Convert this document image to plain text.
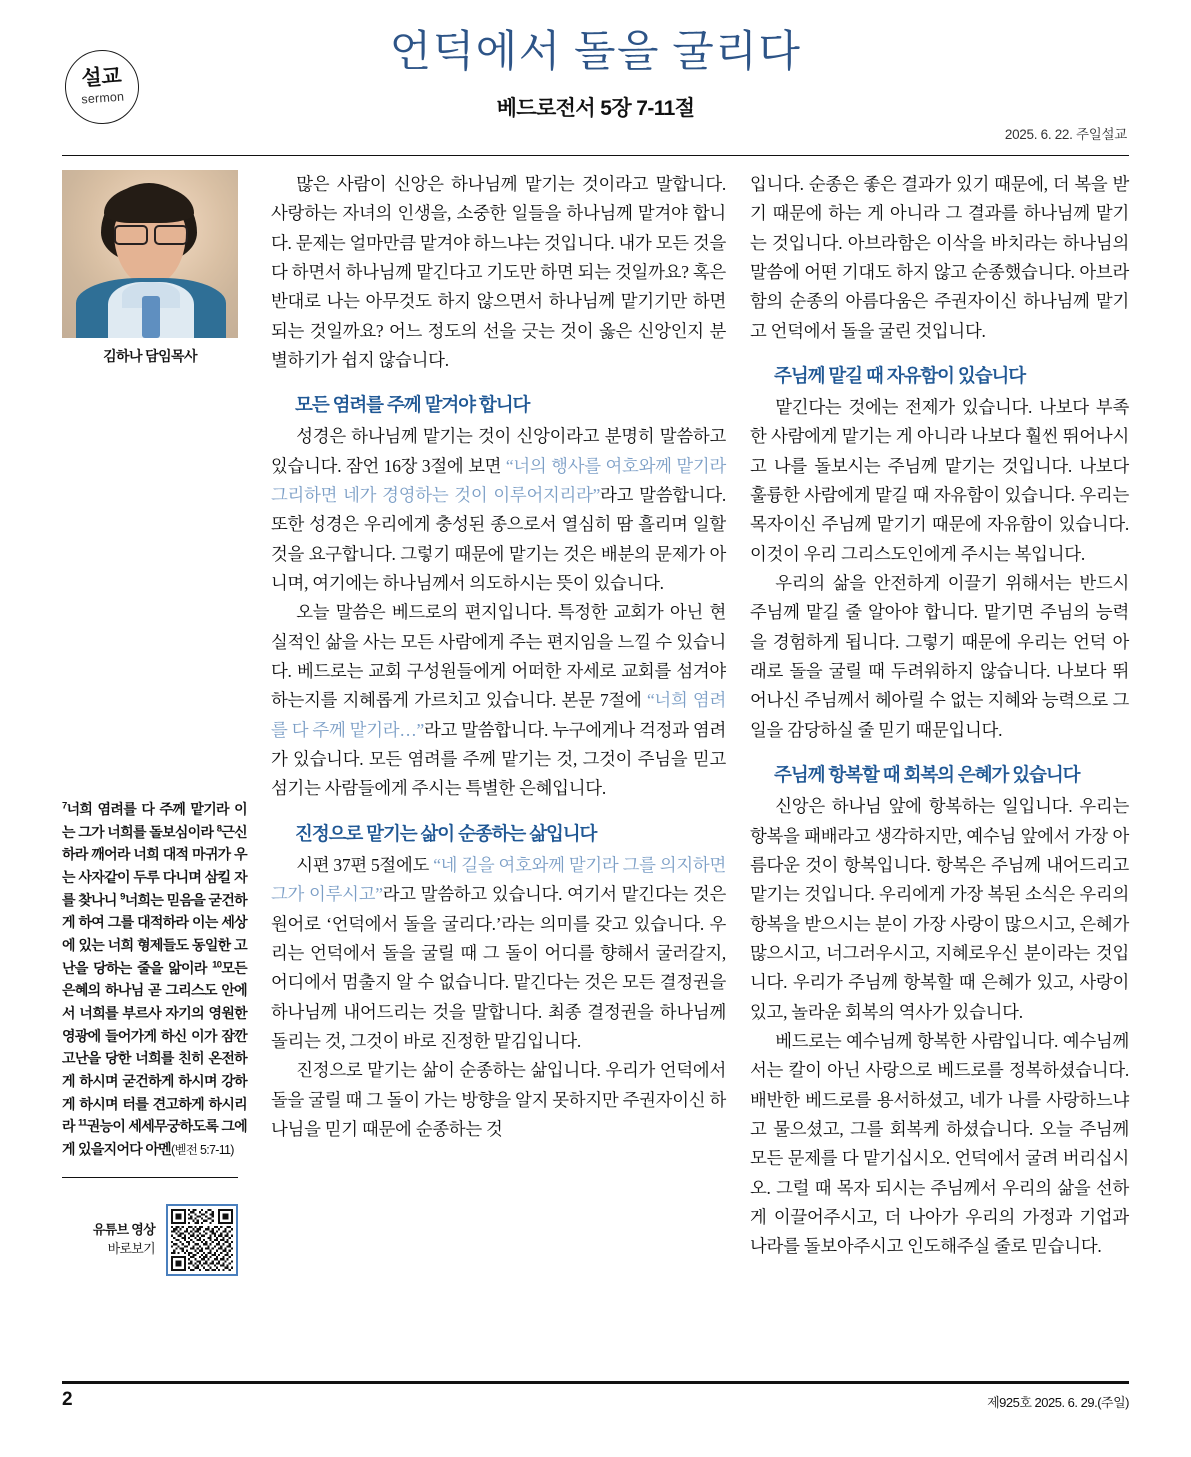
설교
sermon
언덕에서 돌을 굴리다
베드로전서 5장 7-11절
2025. 6. 22. 주일설교
김하나 담임목사
$^7$너희 염려를 다 주께 맡기라 이는 그가 너희를 돌보심이라 $^8$근신하라 깨어라 너희 대적 마귀가 우는 사자같이 두루 다니며 삼킬 자를 찾나니 $^9$너희는 믿음을 굳건하게 하여 그를 대적하라 이는 세상에 있는 너희 형제들도 동일한 고난을 당하는 줄을 앎이라 $^{10}$모든 은혜의 하나님 곧 그리스도 안에서 너희를 부르사 자기의 영원한 영광에 들어가게 하신 이가 잠깐 고난을 당한 너희를 친히 온전하게 하시며 굳건하게 하시며 강하게 하시며 터를 견고하게 하시리라 $^{11}$권능이 세세무궁하도록 그에게 있을지어다 아멘(벧전 5:7-11)
유튜브 영상
바로보기

많은 사람이 신앙은 하나님께 맡기는 것이라고 말합니다. 사랑하는 자녀의 인생을, 소중한 일들을 하나님께 맡겨야 합니다. 문제는 얼마만큼 맡겨야 하느냐는 것입니다. 내가 모든 것을 다 하면서 하나님께 맡긴다고 기도만 하면 되는 것일까요? 혹은 반대로 나는 아무것도 하지 않으면서 하나님께 맡기기만 하면 되는 것일까요? 어느 정도의 선을 긋는 것이 옳은 신앙인지 분별하기가 쉽지 않습니다.

모든 염려를 주께 맡겨야 합니다

성경은 하나님께 맡기는 것이 신앙이라고 분명히 말씀하고 있습니다. 잠언 16장 3절에 보면 “너의 행사를 여호와께 맡기라 그리하면 네가 경영하는 것이 이루어지리라”라고 말씀합니다. 또한 성경은 우리에게 충성된 종으로서 열심히 땀 흘리며 일할 것을 요구합니다. 그렇기 때문에 맡기는 것은 배분의 문제가 아니며, 여기에는 하나님께서 의도하시는 뜻이 있습니다.

오늘 말씀은 베드로의 편지입니다. 특정한 교회가 아닌 현실적인 삶을 사는 모든 사람에게 주는 편지임을 느낄 수 있습니다. 베드로는 교회 구성원들에게 어떠한 자세로 교회를 섬겨야 하는지를 지혜롭게 가르치고 있습니다. 본문 7절에 “너희 염려를 다 주께 맡기라…”라고 말씀합니다. 누구에게나 걱정과 염려가 있습니다. 모든 염려를 주께 맡기는 것, 그것이 주님을 믿고 섬기는 사람들에게 주시는 특별한 은혜입니다.

진정으로 맡기는 삶이 순종하는 삶입니다

시편 37편 5절에도 “네 길을 여호와께 맡기라 그를 의지하면 그가 이루시고”라고 말씀하고 있습니다. 여기서 맡긴다는 것은 원어로 ‘언덕에서 돌을 굴리다.’라는 의미를 갖고 있습니다. 우리는 언덕에서 돌을 굴릴 때 그 돌이 어디를 향해서 굴러갈지, 어디에서 멈출지 알 수 없습니다. 맡긴다는 것은 모든 결정권을 하나님께 내어드리는 것을 말합니다. 최종 결정권을 하나님께 돌리는 것, 그것이 바로 진정한 맡김입니다.

진정으로 맡기는 삶이 순종하는 삶입니다. 우리가 언덕에서 돌을 굴릴 때 그 돌이 가는 방향을 알지 못하지만 주권자이신 하나님을 믿기 때문에 순종하는 것

입니다. 순종은 좋은 결과가 있기 때문에, 더 복을 받기 때문에 하는 게 아니라 그 결과를 하나님께 맡기는 것입니다. 아브라함은 이삭을 바치라는 하나님의 말씀에 어떤 기대도 하지 않고 순종했습니다. 아브라함의 순종의 아름다움은 주권자이신 하나님께 맡기고 언덕에서 돌을 굴린 것입니다.

주님께 맡길 때 자유함이 있습니다

맡긴다는 것에는 전제가 있습니다. 나보다 부족한 사람에게 맡기는 게 아니라 나보다 훨씬 뛰어나시고 나를 돌보시는 주님께 맡기는 것입니다. 나보다 훌륭한 사람에게 맡길 때 자유함이 있습니다. 우리는 목자이신 주님께 맡기기 때문에 자유함이 있습니다. 이것이 우리 그리스도인에게 주시는 복입니다.

우리의 삶을 안전하게 이끌기 위해서는 반드시 주님께 맡길 줄 알아야 합니다. 맡기면 주님의 능력을 경험하게 됩니다. 그렇기 때문에 우리는 언덕 아래로 돌을 굴릴 때 두려워하지 않습니다. 나보다 뛰어나신 주님께서 헤아릴 수 없는 지혜와 능력으로 그 일을 감당하실 줄 믿기 때문입니다.

주님께 항복할 때 회복의 은혜가 있습니다

신앙은 하나님 앞에 항복하는 일입니다. 우리는 항복을 패배라고 생각하지만, 예수님 앞에서 가장 아름다운 것이 항복입니다. 항복은 주님께 내어드리고 맡기는 것입니다. 우리에게 가장 복된 소식은 우리의 항복을 받으시는 분이 가장 사랑이 많으시고, 은혜가 많으시고, 너그러우시고, 지혜로우신 분이라는 것입니다. 우리가 주님께 항복할 때 은혜가 있고, 사랑이 있고, 놀라운 회복의 역사가 있습니다.

베드로는 예수님께 항복한 사람입니다. 예수님께서는 칼이 아닌 사랑으로 베드로를 정복하셨습니다. 배반한 베드로를 용서하셨고, 네가 나를 사랑하느냐고 물으셨고, 그를 회복케 하셨습니다. 오늘 주님께 모든 문제를 다 맡기십시오. 언덕에서 굴려 버리십시오. 그럴 때 목자 되시는 주님께서 우리의 삶을 선하게 이끌어주시고, 더 나아가 우리의 가정과 기업과 나라를 돌보아주시고 인도해주실 줄로 믿습니다.

2	제925호 2025. 6. 29.(주일)
